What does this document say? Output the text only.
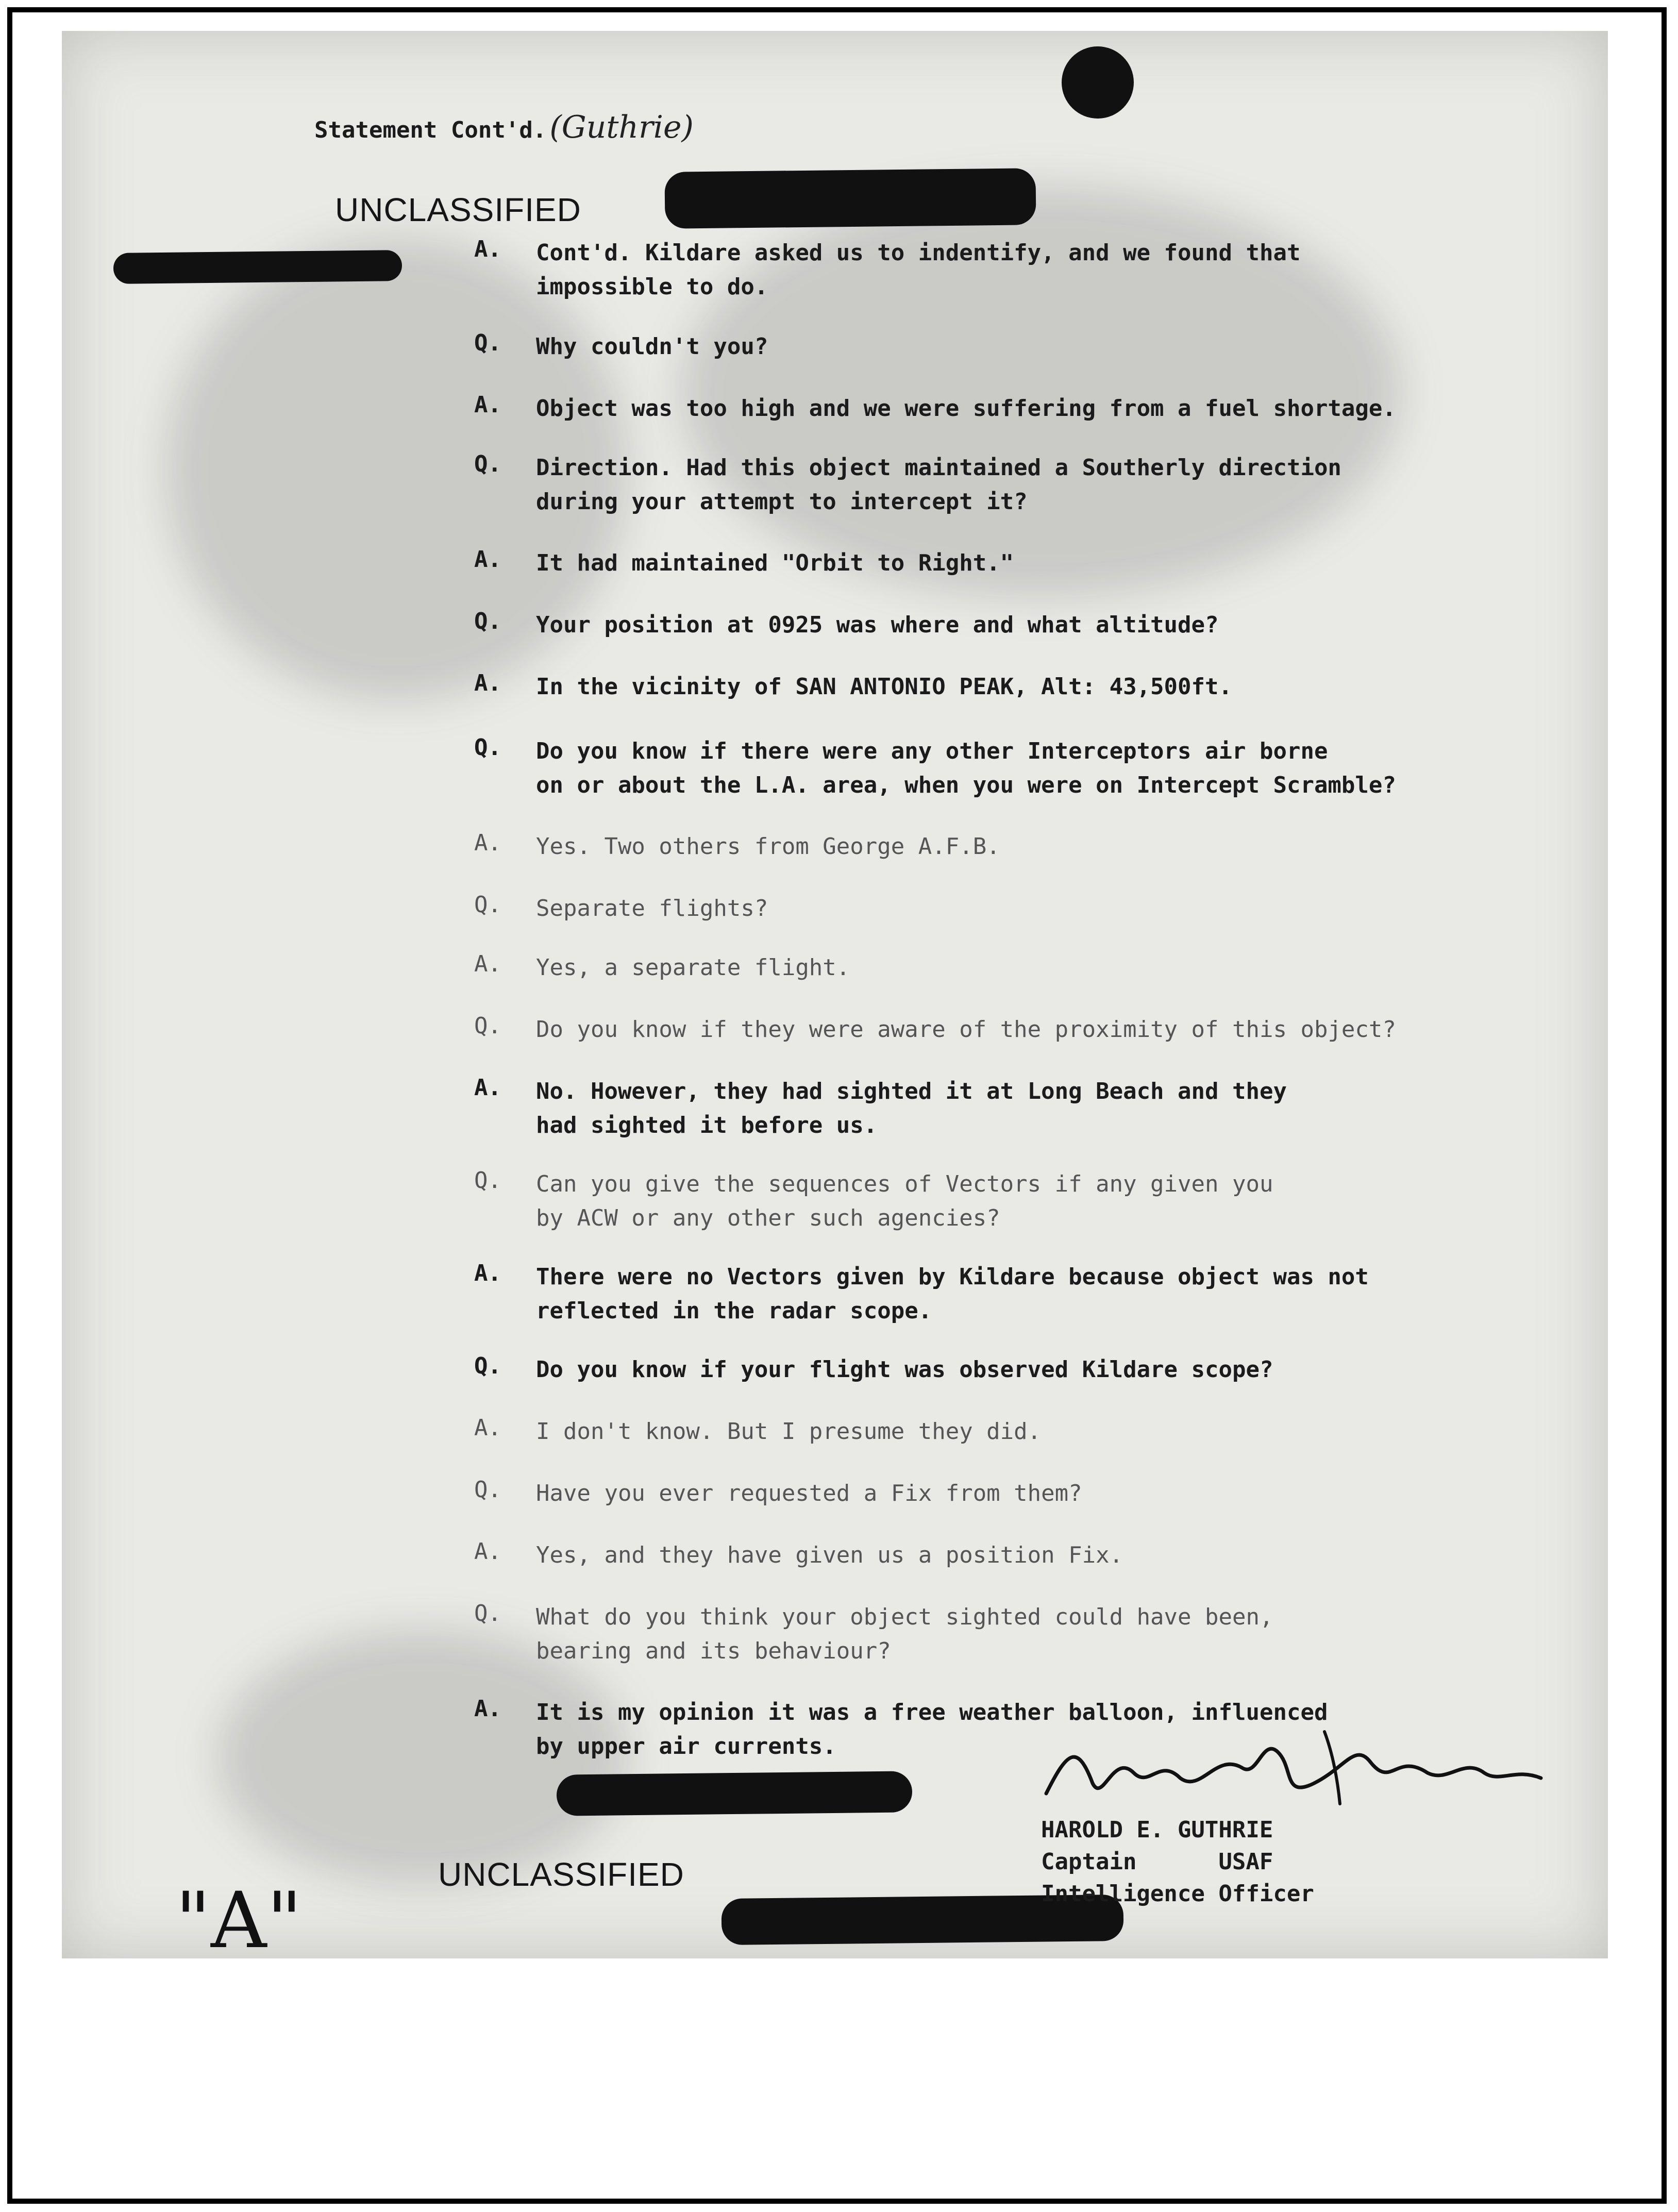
Statement Cont'd. (Guthrie)
UNCLASSIFIED
A.	Cont'd. Kildare asked us to indentify, and we found that
impossible to do.
Q.	Why couldn't you?
A.	Object was too high and we were suffering from a fuel shortage.
Q.	Direction. Had this object maintained a Southerly direction
during your attempt to intercept it?
A.	It had maintained "Orbit to Right."
Q.	Your position at 0925 was where and what altitude?
A.	In the vicinity of SAN ANTONIO PEAK, Alt: 43,500ft.
Q.	Do you know if there were any other Interceptors air borne
on or about the L.A. area, when you were on Intercept Scramble?
A.	Yes. Two others from George A.F.B.
Q.	Separate flights?
A.	Yes, a separate flight.
Q.	Do you know if they were aware of the proximity of this object?
A.	No. However, they had sighted it at Long Beach and they
had sighted it before us.
Q.	Can you give the sequences of Vectors if any given you
by ACW or any other such agencies?
A.	There were no Vectors given by Kildare because object was not
reflected in the radar scope.
Q.	Do you know if your flight was observed Kildare scope?
A.	I don't know. But I presume they did.
Q.	Have you ever requested a Fix from them?
A.	Yes, and they have given us a position Fix.
Q.	What do you think your object sighted could have been,
bearing and its behaviour?
A.	It is my opinion it was a free weather balloon, influenced
by upper air currents.
UNCLASSIFIED
HAROLD E. GUTHRIE
Captain      USAF
Intelligence Officer
"A"
